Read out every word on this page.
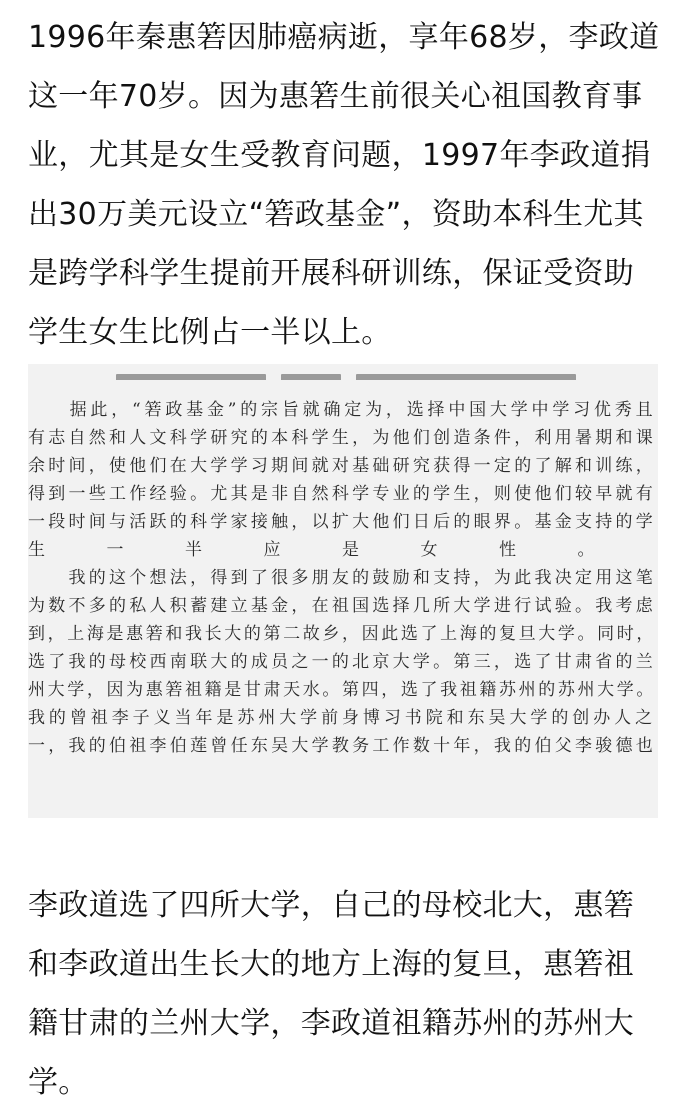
1996年秦惠箬因肺癌病逝，享年68岁，李政道
这一年70岁。因为惠箬生前很关心祖国教育事
业，尤其是女生受教育问题，1997年李政道捐
出30万美元设立“箬政基金”，资助本科生尤其
是跨学科学生提前开展科研训练，保证受资助
学生女生比例占一半以上。
　　据此，“箬政基金”的宗旨就确定为，选择中国大学中学习优秀且
有志自然和人文科学研究的本科学生，为他们创造条件，利用暑期和课
余时间，使他们在大学学习期间就对基础研究获得一定的了解和训练，
得到一些工作经验。尤其是非自然科学专业的学生，则使他们较早就有
一段时间与活跃的科学家接触，以扩大他们日后的眼界。基金支持的学
生一半应是女性。
　　我的这个想法，得到了很多朋友的鼓励和支持，为此我决定用这笔
为数不多的私人积蓄建立基金，在祖国选择几所大学进行试验。我考虑
到，上海是惠箬和我长大的第二故乡，因此选了上海的复旦大学。同时，
选了我的母校西南联大的成员之一的北京大学。第三，选了甘肃省的兰
州大学，因为惠箬祖籍是甘肃天水。第四，选了我祖籍苏州的苏州大学。
我的曾祖李子义当年是苏州大学前身博习书院和东吴大学的创办人之
一，我的伯祖李伯莲曾任东吴大学教务工作数十年，我的伯父李骏德也
李政道选了四所大学，自己的母校北大，惠箬
和李政道出生长大的地方上海的复旦，惠箬祖
籍甘肃的兰州大学，李政道祖籍苏州的苏州大
学。
